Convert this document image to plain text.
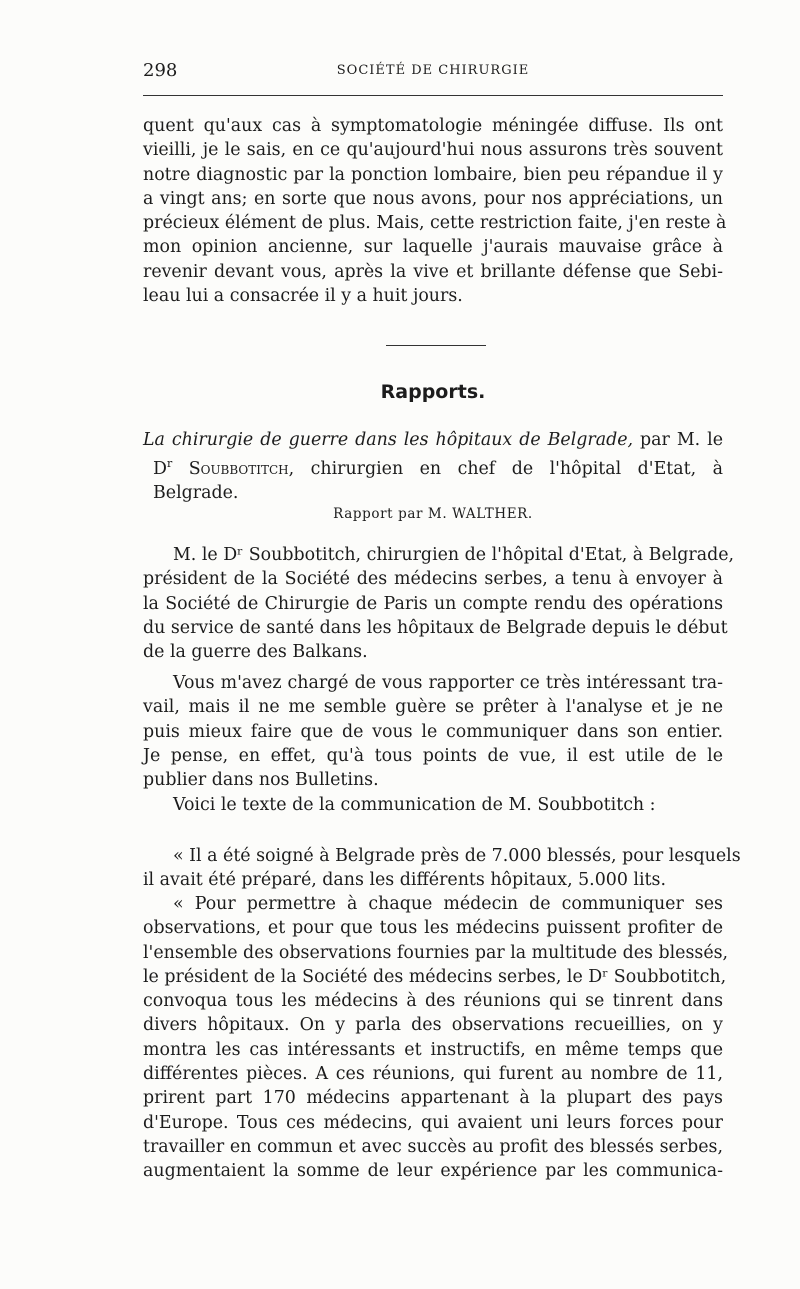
298	SOCIÉTÉ DE CHIRURGIE

quent qu'aux cas à symptomatologie méningée diffuse. Ils ont
vieilli, je le sais, en ce qu'aujourd'hui nous assurons très souvent
notre diagnostic par la ponction lombaire, bien peu répandue il y
a vingt ans; en sorte que nous avons, pour nos appréciations, un
précieux élément de plus. Mais, cette restriction faite, j'en reste à
mon opinion ancienne, sur laquelle j'aurais mauvaise grâce à
revenir devant vous, après la vive et brillante défense que Sebi-
leau lui a consacrée il y a huit jours.

Rapports.
La chirurgie de guerre dans les hôpitaux de Belgrade, par M. le
$D^r$ Soubbotitch, chirurgien en chef de l'hôpital d'Etat, à
Belgrade.
Rapport par M. WALTHER.

M. le Dʳ Soubbotitch, chirurgien de l'hôpital d'Etat, à Belgrade,
président de la Société des médecins serbes, a tenu à envoyer à
la Société de Chirurgie de Paris un compte rendu des opérations
du service de santé dans les hôpitaux de Belgrade depuis le début
de la guerre des Balkans.

Vous m'avez chargé de vous rapporter ce très intéressant tra-
vail, mais il ne me semble guère se prêter à l'analyse et je ne
puis mieux faire que de vous le communiquer dans son entier.
Je pense, en effet, qu'à tous points de vue, il est utile de le
publier dans nos Bulletins.

Voici le texte de la communication de M. Soubbotitch :

« Il a été soigné à Belgrade près de 7.000 blessés, pour lesquels
il avait été préparé, dans les différents hôpitaux, 5.000 lits.

« Pour permettre à chaque médecin de communiquer ses
observations, et pour que tous les médecins puissent profiter de
l'ensemble des observations fournies par la multitude des blessés,
le président de la Société des médecins serbes, le Dʳ Soubbotitch,
convoqua tous les médecins à des réunions qui se tinrent dans
divers hôpitaux. On y parla des observations recueillies, on y
montra les cas intéressants et instructifs, en même temps que
différentes pièces. A ces réunions, qui furent au nombre de 11,
prirent part 170 médecins appartenant à la plupart des pays
d'Europe. Tous ces médecins, qui avaient uni leurs forces pour
travailler en commun et avec succès au profit des blessés serbes,
augmentaient la somme de leur expérience par les communica-
